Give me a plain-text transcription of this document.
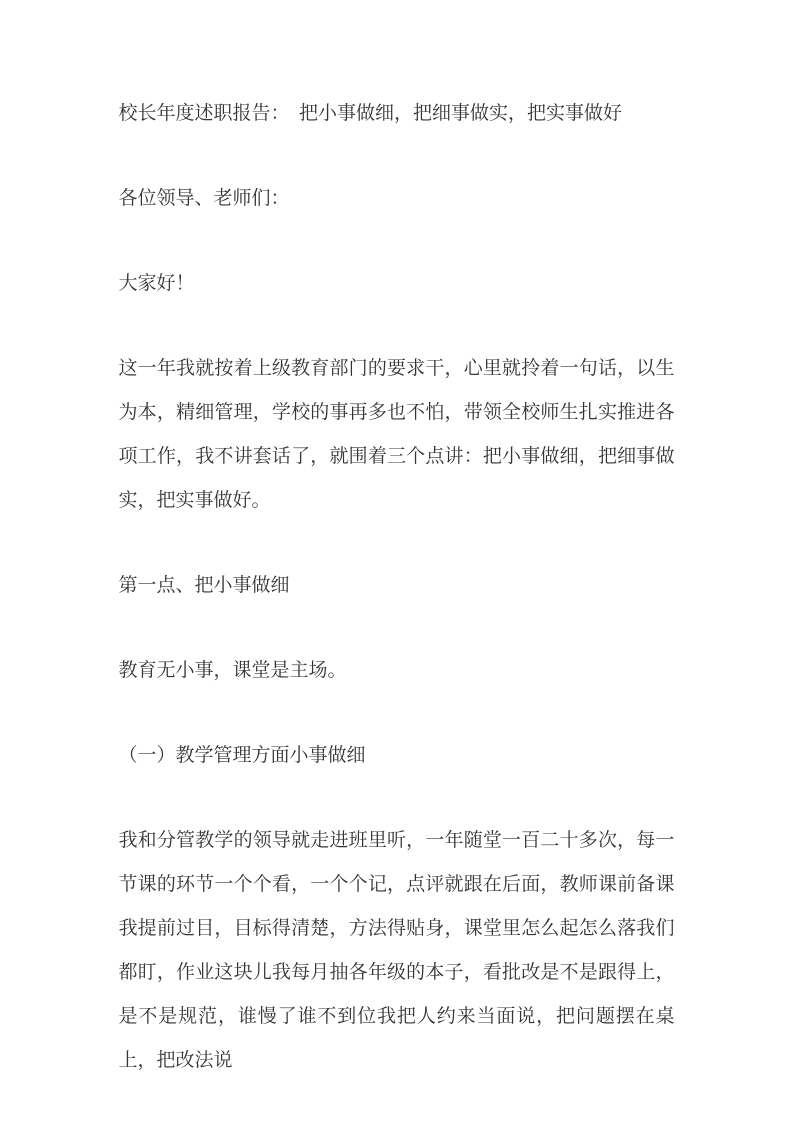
校长年度述职报告：　把小事做细，把细事做实，把实事做好

各位领导、老师们：

大家好！

这一年我就按着上级教育部门的要求干，心里就拎着一句话，以生为本，精细管理，学校的事再多也不怕，带领全校师生扎实推进各项工作，我不讲套话了，就围着三个点讲：把小事做细，把细事做实，把实事做好。

第一点、把小事做细

教育无小事，课堂是主场。

（一）教学管理方面小事做细

我和分管教学的领导就走进班里听，一年随堂一百二十多次，每一节课的环节一个个看，一个个记，点评就跟在后面，教师课前备课我提前过目，目标得清楚，方法得贴身，课堂里怎么起怎么落我们都盯，作业这块儿我每月抽各年级的本子，看批改是不是跟得上，是不是规范，谁慢了谁不到位我把人约来当面说，把问题摆在桌上，把改法说
